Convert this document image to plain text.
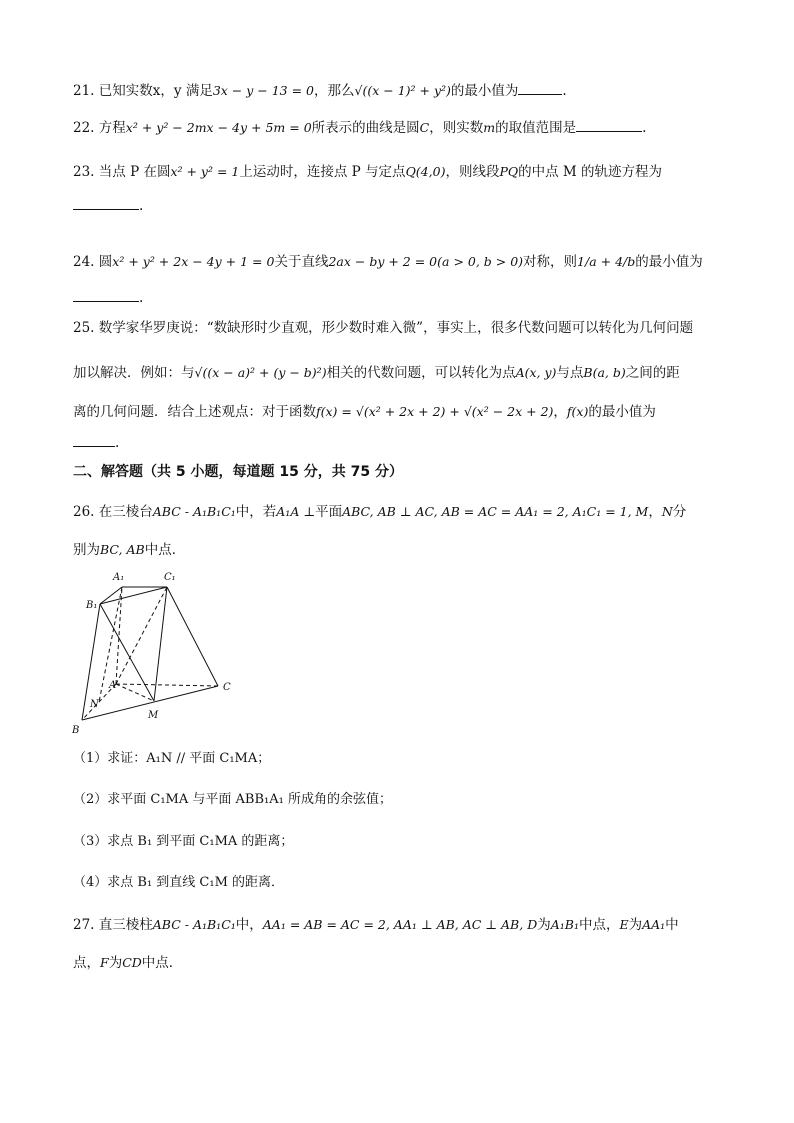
21. 已知实数x，y 满足3x − y − 13 = 0，那么√((x − 1)² + y²)的最小值为	.
22. 方程x² + y² − 2mx − 4y + 5m = 0所表示的曲线是圆C，则实数m的取值范围是	.
23. 当点 P 在圆x² + y² = 1上运动时，连接点 P 与定点Q(4,0)，则线段PQ的中点 M 的轨迹方程为
.
24. 圆x² + y² + 2x − 4y + 1 = 0关于直线2ax − by + 2 = 0(a > 0, b > 0)对称，则1/a + 4/b的最小值为
.
25. 数学家华罗庚说：“数缺形时少直观，形少数时难入微”，事实上，很多代数问题可以转化为几何问题
加以解决．例如：与√((x − a)² + (y − b)²)相关的代数问题，可以转化为点A(x, y)与点B(a, b)之间的距
离的几何问题．结合上述观点：对于函数f(x) = √(x² + 2x + 2) + √(x² − 2x + 2)，f(x)的最小值为
.
二、解答题（共 5 小题，每道题 15 分，共 75 分）
26. 在三棱台ABC - A₁B₁C₁中，若A₁A ⊥平面ABC, AB ⊥ AC, AB = AC = AA₁ = 2, A₁C₁ = 1, M，N分
别为BC, AB中点．
A₁	C₁
B₁
A	C
N
M
B
（1）求证：A₁N // 平面 C₁MA；
（2）求平面 C₁MA 与平面 ABB₁A₁ 所成角的余弦值；
（3）求点 B₁ 到平面 C₁MA 的距离；
（4）求点 B₁ 到直线 C₁M 的距离．
27. 直三棱柱ABC - A₁B₁C₁中，AA₁ = AB = AC = 2, AA₁ ⊥ AB, AC ⊥ AB, D为A₁B₁中点，E为AA₁中
点，F为CD中点．
